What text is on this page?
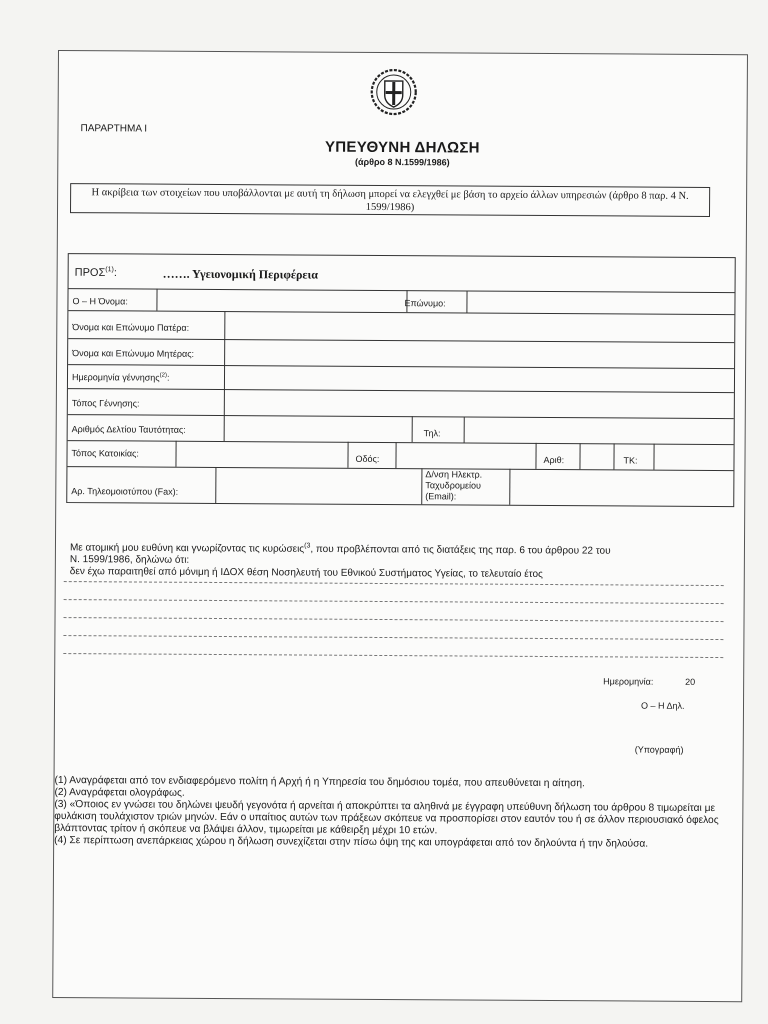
ΠΑΡΑΡΤΗΜΑ Ι
ΥΠΕΥΘΥΝΗ ΔΗΛΩΣΗ
(άρθρο 8 Ν.1599/1986)
Η ακρίβεια των στοιχείων που υποβάλλονται με αυτή τη δήλωση μπορεί να ελεγχθεί με βάση το αρχείο άλλων υπηρεσιών (άρθρο 8 παρ. 4 Ν. 1599/1986)
ΠΡΟΣ$^{(1)}$:	……. Υγειονομική Περιφέρεια
Ο – Η Όνομα:	Επώνυμο:
Όνομα και Επώνυμο Πατέρα:
Όνομα και Επώνυμο Μητέρας:
Ημερομηνία γέννησης$^{(2)}$:
Τόπος Γέννησης:
Αριθμός Δελτίου Ταυτότητας:	Τηλ:
Τόπος Κατοικίας:
Οδός:	Αριθ:	ΤΚ:
Αρ. Τηλεομοιοτύπου (Fax):
Δ/νση Ηλεκτρ.
Ταχυδρομείου
(Email):
Με ατομική μου ευθύνη και γνωρίζοντας τις κυρώσεις$^{(3}$, που προβλέπονται από τις διατάξεις της παρ. 6 του άρθρου 22 του
Ν. 1599/1986, δηλώνω ότι:
δεν έχω παραιτηθεί από μόνιμη ή ΙΔΟΧ θέση Νοσηλευτή του Εθνικού Συστήματος Υγείας, το τελευταίο έτος
Ημερομηνία:	20
Ο – Η Δηλ.
(Υπογραφή)

(1) Αναγράφεται από τον ενδιαφερόμενο πολίτη ή Αρχή ή η Υπηρεσία του δημόσιου τομέα, που απευθύνεται η αίτηση.

(2) Αναγράφεται ολογράφως.

(3) «Όποιος εν γνώσει του δηλώνει ψευδή γεγονότα ή αρνείται ή αποκρύπτει τα αληθινά με έγγραφη υπεύθυνη δήλωση του άρθρου 8 τιμωρείται με φυλάκιση τουλάχιστον τριών μηνών. Εάν ο υπαίτιος αυτών των πράξεων σκόπευε να προσπορίσει στον εαυτόν του ή σε άλλον περιουσιακό όφελος βλάπτοντας τρίτον ή σκόπευε να βλάψει άλλον, τιμωρείται με κάθειρξη μέχρι 10 ετών.

(4) Σε περίπτωση ανεπάρκειας χώρου η δήλωση συνεχίζεται στην πίσω όψη της και υπογράφεται από τον δηλούντα ή την δηλούσα.
